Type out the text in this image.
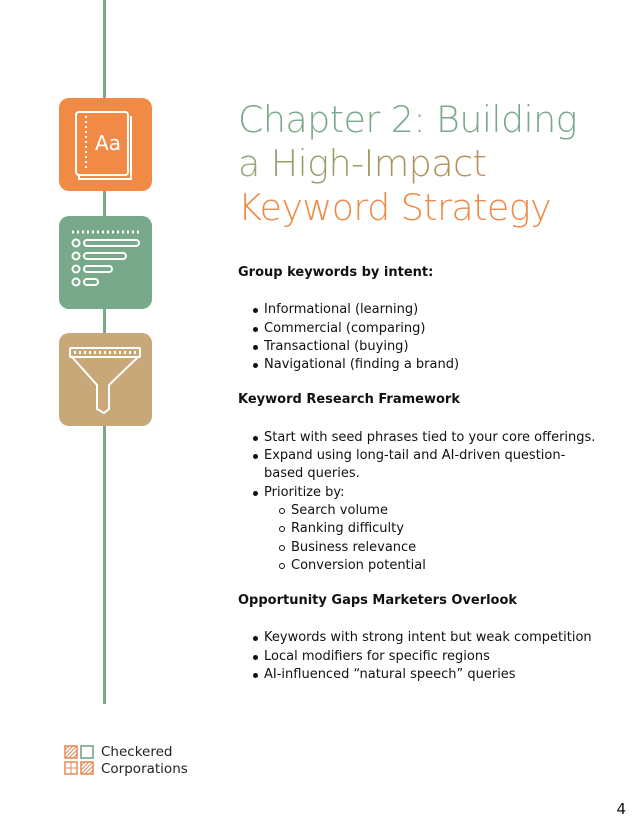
Aa
Chapter 2: Building
a High-Impact
Keyword Strategy

Group keywords by intent:

Informational (learning)
Commercial (comparing)
Transactional (buying)
Navigational (finding a brand)

Keyword Research Framework

Start with seed phrases tied to your core offerings.
Expand using long-tail and AI-driven question-based queries.
Prioritize by:
Search volume
Ranking difficulty
Business relevance
Conversion potential

Opportunity Gaps Marketers Overlook

Keywords with strong intent but weak competition
Local modifiers for specific regions
AI-influenced “natural speech” queries
Checkered
Corporations
4
